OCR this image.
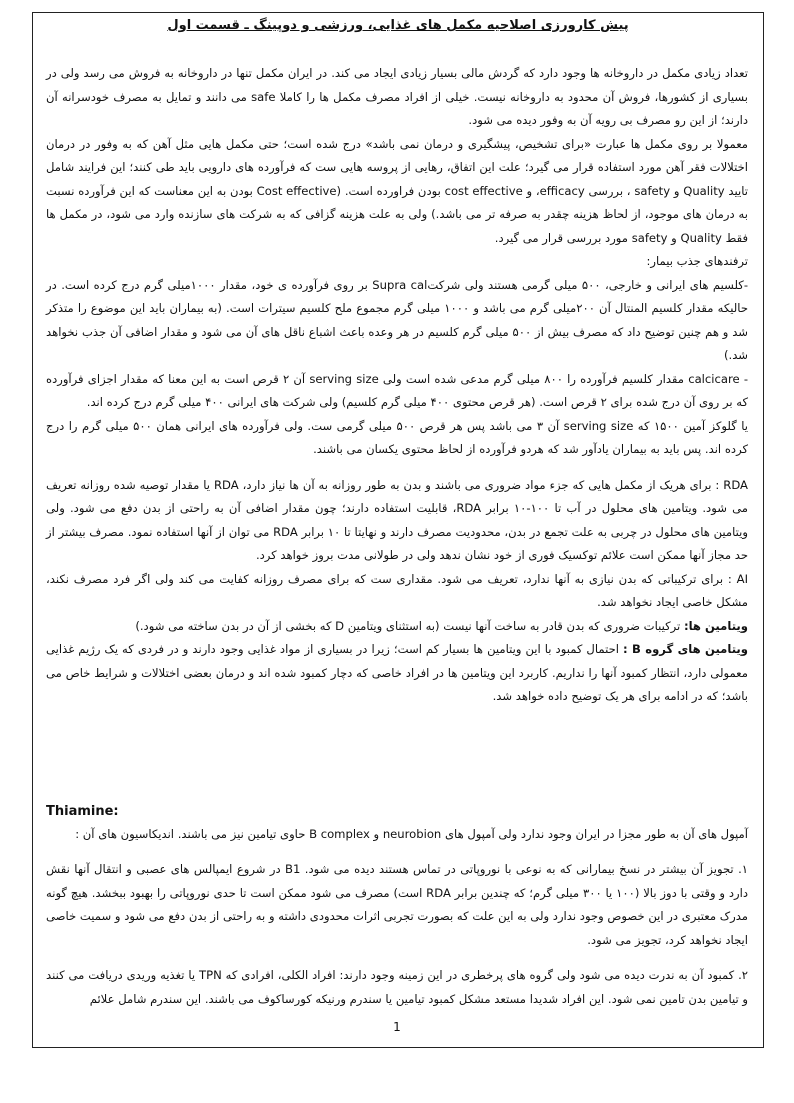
پیش کارورزی اصلاحیه مکمل های غذایی، ورزشی و دوپینگ ـ قسمت اول

تعداد زیادی مکمل در داروخانه ها وجود دارد که گردش مالی بسیار زیادی ایجاد می کند. در ایران مکمل تنها در داروخانه به فروش می رسد ولی در بسیاری از کشورها، فروش آن محدود به داروخانه نیست. خیلی از افراد مصرف مکمل ها را کاملا safe می دانند و تمایل به مصرف خودسرانه آن دارند؛ از این رو مصرف بی رویه آن به وفور دیده می شود.

معمولا بر روی مکمل ها عبارت «برای تشخیص، پیشگیری و درمان نمی باشد» درج شده است؛ حتی مکمل هایی مثل آهن که به وفور در درمان اختلالات فقر آهن مورد استفاده قرار می گیرد؛ علت این اتفاق، رهایی از پروسه هایی ست که فرآورده های دارویی باید طی کنند؛ این فرایند شامل تایید Quality و safety ، بررسی efficacy، و cost effective بودن فراورده است. (Cost effective بودن به این معناست که این فرآورده نسبت به درمان های موجود، از لحاظ هزینه چقدر به صرفه تر می باشد.) ولی به علت هزینه گزافی که به شرکت های سازنده وارد می شود، در مکمل ها فقط Quality و safety مورد بررسی قرار می گیرد.

ترفندهای جذب بیمار:

-کلسیم های ایرانی و خارجی، ۵۰۰ میلی گرمی هستند ولی شرکتSupra cal بر روی فرآورده ی خود، مقدار ۱۰۰۰میلی گرم درج کرده است. در حالیکه مقدار کلسیم المنتال آن ۲۰۰میلی گرم می باشد و ۱۰۰۰ میلی گرم مجموع ملح کلسیم سیترات است. (به بیماران باید این موضوع را متذکر شد و هم چنین توضیح داد که مصرف بیش از ۵۰۰ میلی گرم کلسیم در هر وعده باعث اشباع ناقل های آن می شود و مقدار اضافی آن جذب نخواهد شد.)

- calcicare مقدار کلسیم فرآورده را ۸۰۰ میلی گرم مدعی شده است ولی serving size آن ۲ قرص است به این معنا که مقدار اجزای فرآورده که بر روی آن درج شده برای ۲ قرص است. (هر قرص محتوی ۴۰۰ میلی گرم کلسیم) ولی شرکت های ایرانی ۴۰۰ میلی گرم درج کرده اند.

یا گلوکز آمین ۱۵۰۰ که serving size آن ۳ می باشد پس هر قرص ۵۰۰ میلی گرمی ست. ولی فرآورده های ایرانی همان ۵۰۰ میلی گرم را درج کرده اند. پس باید به بیماران یادآور شد که هردو فرآورده از لحاظ محتوی یکسان می باشند.

RDA : برای هریک از مکمل هایی که جزء مواد ضروری می باشند و بدن به طور روزانه به آن ها نیاز دارد، RDA یا مقدار توصیه شده روزانه تعریف می شود. ویتامین های محلول در آب تا ۱۰۰-۱۰ برابر RDA، قابلیت استفاده دارند؛ چون مقدار اضافی آن به راحتی از بدن دفع می شود. ولی ویتامین های محلول در چربی به علت تجمع در بدن، محدودیت مصرف دارند و نهایتا تا ۱۰ برابر RDA می توان از آنها استفاده نمود. مصرف بیشتر از حد مجاز آنها ممکن است علائم توکسیک فوری از خود نشان ندهد ولی در طولانی مدت بروز خواهد کرد.

AI : برای ترکیباتی که بدن نیازی به آنها ندارد، تعریف می شود. مقداری ست که برای مصرف روزانه کفایت می کند ولی اگر فرد مصرف نکند، مشکل خاصی ایجاد نخواهد شد.

ویتامین ها: ترکیبات ضروری که بدن قادر به ساخت آنها نیست (به استثنای ویتامین D که بخشی از آن در بدن ساخته می شود.)

ویتامین های گروه B : احتمال کمبود با این ویتامین ها بسیار کم است؛ زیرا در بسیاری از مواد غذایی وجود دارند و در فردی که یک رژیم غذایی معمولی دارد، انتظار کمبود آنها را نداریم. کاربرد این ویتامین ها در افراد خاصی که دچار کمبود شده اند و درمان بعضی اختلالات و شرایط خاص می باشد؛ که در ادامه برای هر یک توضیح داده خواهد شد.

Thiamine:

آمپول های آن به طور مجزا در ایران وجود ندارد ولی آمپول های neurobion و B complex حاوی تیامین نیز می باشند. اندیکاسیون های آن :

۱. تجویز آن بیشتر در نسخ بیمارانی که به نوعی با نوروپاتی در تماس هستند دیده می شود. B1 در شروع ایمپالس های عصبی و انتقال آنها نقش دارد و وقتی با دوز بالا (۱۰۰ یا ۳۰۰ میلی گرم؛ که چندین برابر RDA است) مصرف می شود ممکن است تا حدی نوروپاتی را بهبود ببخشد. هیچ گونه مدرک معتبری در این خصوص وجود ندارد ولی به این علت که بصورت تجربی اثرات محدودی داشته و به راحتی از بدن دفع می شود و سمیت خاصی ایجاد نخواهد کرد، تجویز می شود.

۲. کمبود آن به ندرت دیده می شود ولی گروه های پرخطری در این زمینه وجود دارند: افراد الکلی، افرادی که TPN یا تغذیه وریدی دریافت می کنند و تیامین بدن تامین نمی شود. این افراد شدیدا مستعد مشکل کمبود تیامین یا سندرم ورنیکه کورساکوف می باشند. این سندرم شامل علائم

1
